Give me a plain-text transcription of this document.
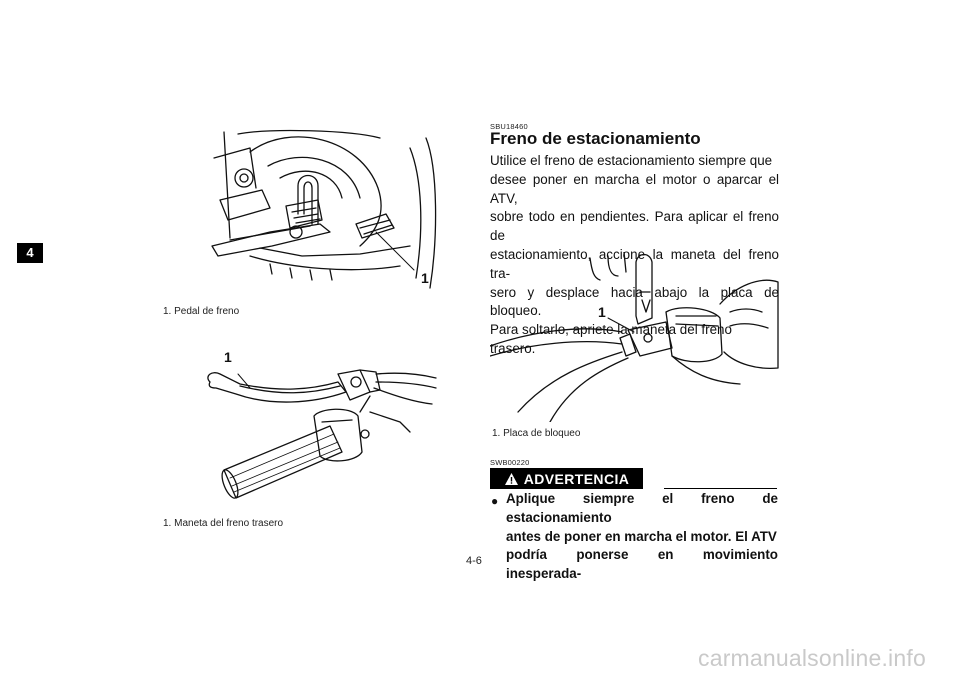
4
1
1. Pedal de freno
1
1. Maneta del freno trasero
SBU18460
Freno de estacionamiento
Utilice el freno de estacionamiento siempre que
desee poner en marcha el motor o aparcar el ATV,
sobre todo en pendientes. Para aplicar el freno de
estacionamiento, accione la maneta del freno tra-
sero y desplace hacia abajo la placa de bloqueo.
Para soltarlo, apriete la maneta del freno trasero.
1
1. Placa de bloqueo
SWB00220
ADVERTENCIA
● Aplique siempre el freno de estacionamiento
antes de poner en marcha el motor. El ATV
podría ponerse en movimiento inesperada-
4-6
carmanualsonline.info
